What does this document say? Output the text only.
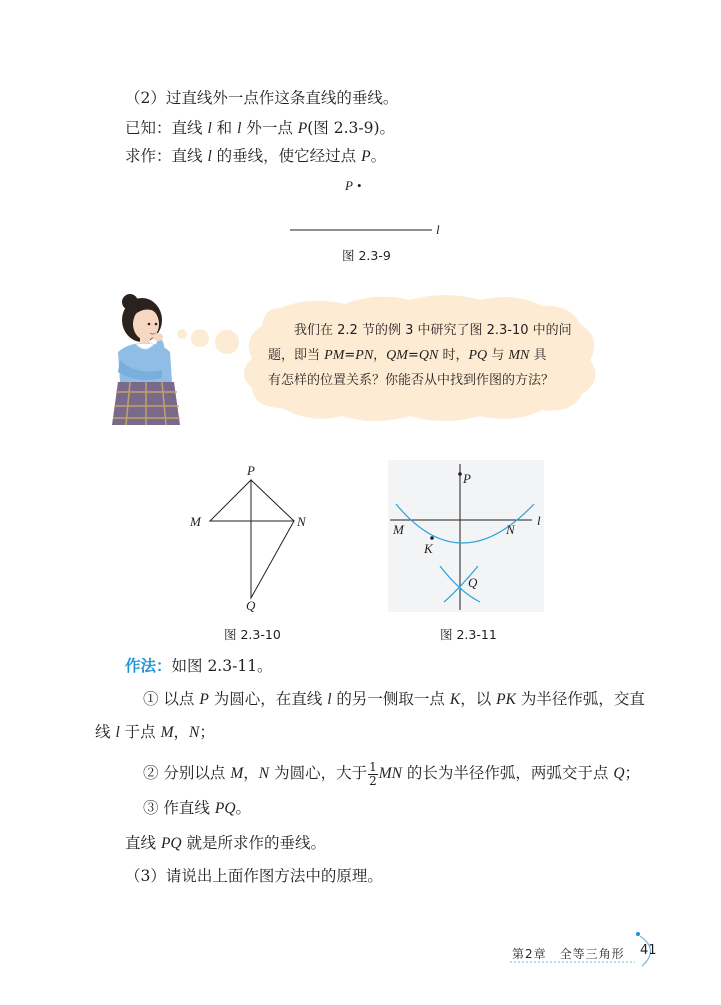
（2）过直线外一点作这条直线的垂线。
已知：直线 l 和 l 外一点 P(图 2.3-9)。
求作：直线 l 的垂线，使它经过点 P。
P •
l
图 2.3-9
我们在 2.2 节的例 3 中研究了图 2.3-10 中的问
题，即当 PM=PN，QM=QN 时，PQ 与 MN 具
有怎样的位置关系？你能否从中找到作图的方法？
P
M	N
Q
图 2.3-10
P
M	N
K
Q
l
图 2.3-11
作法：如图 2.3-11。
① 以点 P 为圆心，在直线 l 的另一侧取一点 K，以 PK 为半径作弧，交直
线 l 于点 M，N；
② 分别以点 M，N 为圆心，大于 $\frac{1}{2}$ MN 的长为半径作弧，两弧交于点 Q；
③ 作直线 PQ。
直线 PQ 就是所求作的垂线。
（3）请说出上面作图方法中的原理。
第2章　全等三角形 41
